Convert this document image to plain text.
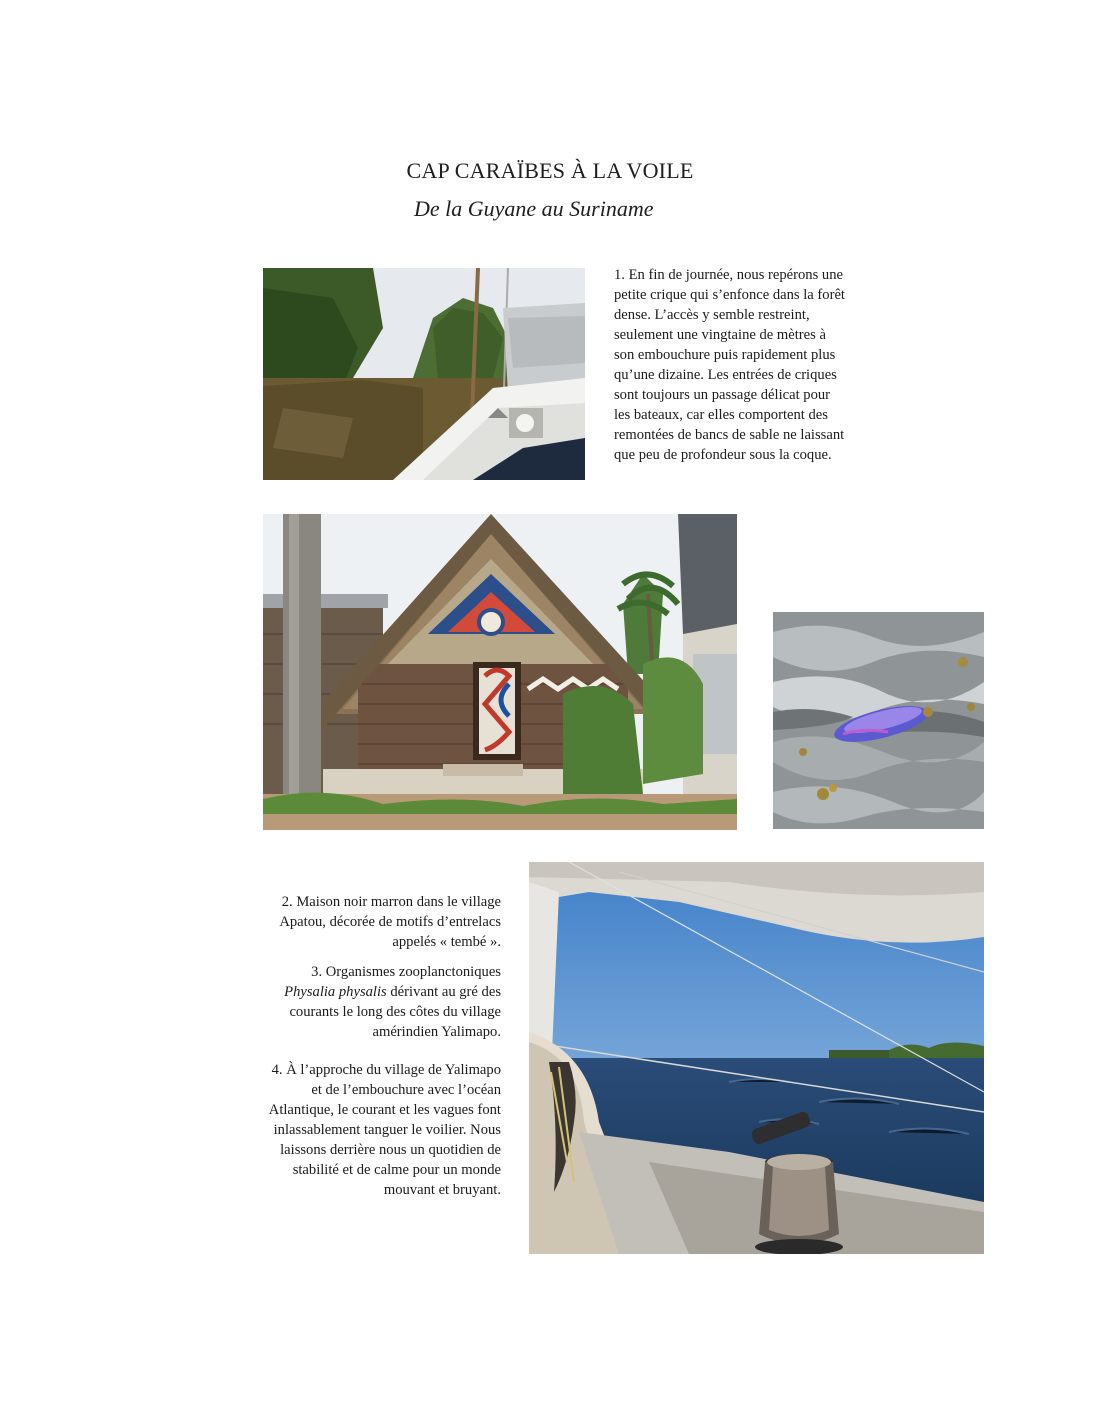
CAP CARAÏBES À LA VOILE
De la Guyane au Suriname

1. En fin de journée, nous repérons une petite crique qui s’enfonce dans la forêt dense. L’accès y semble restreint, seulement une vingtaine de mètres à son embouchure puis rapidement plus qu’une dizaine. Les entrées de criques sont toujours un passage délicat pour les bateaux, car elles comportent des remontées de bancs de sable ne laissant que peu de profondeur sous la coque.

2. Maison noir marron dans le village Apatou, décorée de motifs d’entrelacs appelés « tembé ».

3. Organismes zooplanctoniques Physalia physalis dérivant au gré des courants le long des côtes du village amérindien Yalimapo.

4. À l’approche du village de Yalimapo et de l’embouchure avec l’océan Atlantique, le courant et les vagues font inlassablement tanguer le voilier. Nous laissons derrière nous un quotidien de stabilité et de calme pour un monde mouvant et bruyant.
